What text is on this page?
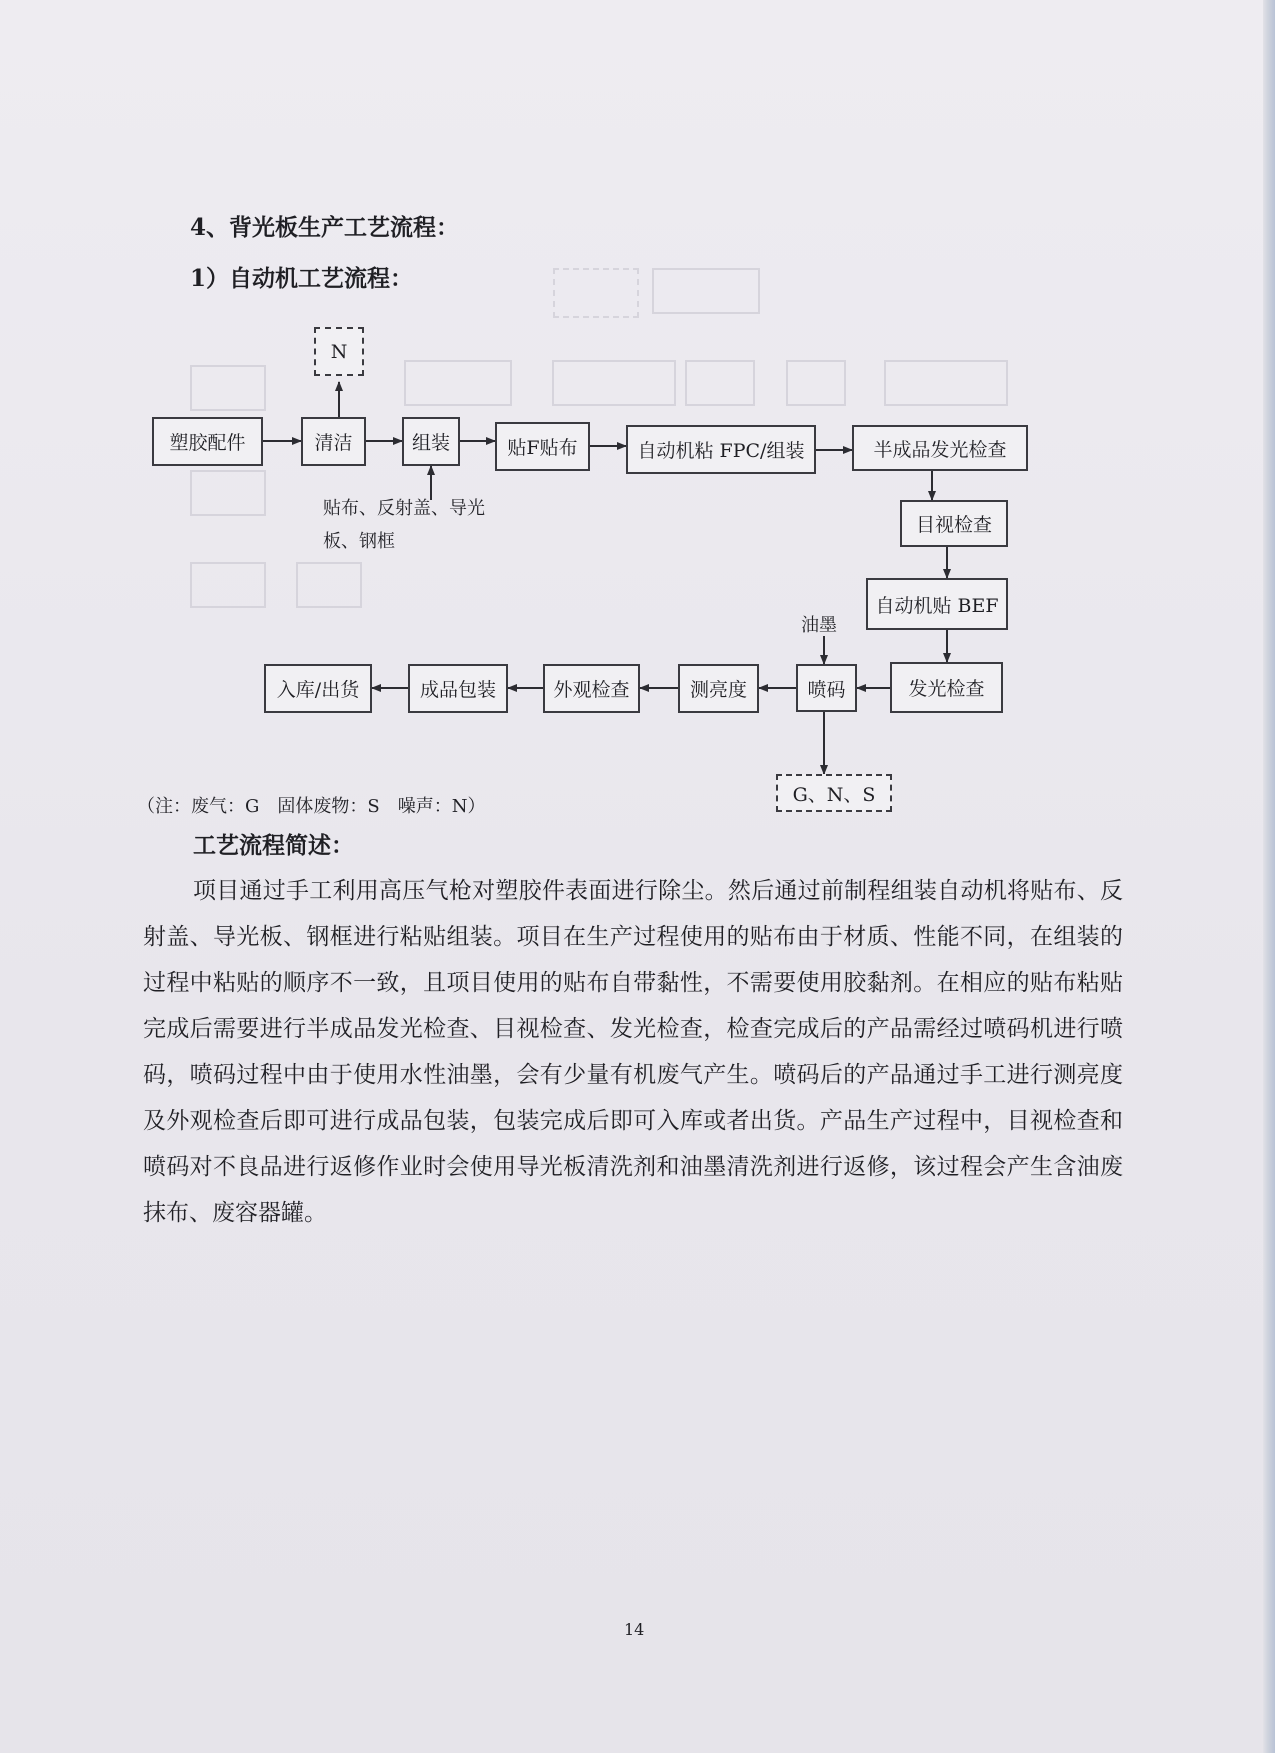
4、背光板生产工艺流程：
1）自动机工艺流程：
塑胶配件	清洁
N
组装	贴F贴布	自动机粘 FPC/组装	半成品发光检查
目视检查
自动机贴 BEF
发光检查
喷码
G、N、S
测亮度
外观检查
成品包装
入库/出货
贴布、反射盖、导光
板、钢框
油墨
（注：废气：G　固体废物：S　噪声：N）
工艺流程简述：

项目通过手工利用高压气枪对塑胶件表面进行除尘。然后通过前制程组装自动机将贴布、反射盖、导光板、钢框进行粘贴组装。项目在生产过程使用的贴布由于材质、性能不同，在组装的过程中粘贴的顺序不一致，且项目使用的贴布自带黏性，不需要使用胶黏剂。在相应的贴布粘贴完成后需要进行半成品发光检查、目视检查、发光检查，检查完成后的产品需经过喷码机进行喷码，喷码过程中由于使用水性油墨，会有少量有机废气产生。喷码后的产品通过手工进行测亮度及外观检查后即可进行成品包装，包装完成后即可入库或者出货。产品生产过程中，目视检查和喷码对不良品进行返修作业时会使用导光板清洗剂和油墨清洗剂进行返修，该过程会产生含油废抹布、废容器罐。

14
